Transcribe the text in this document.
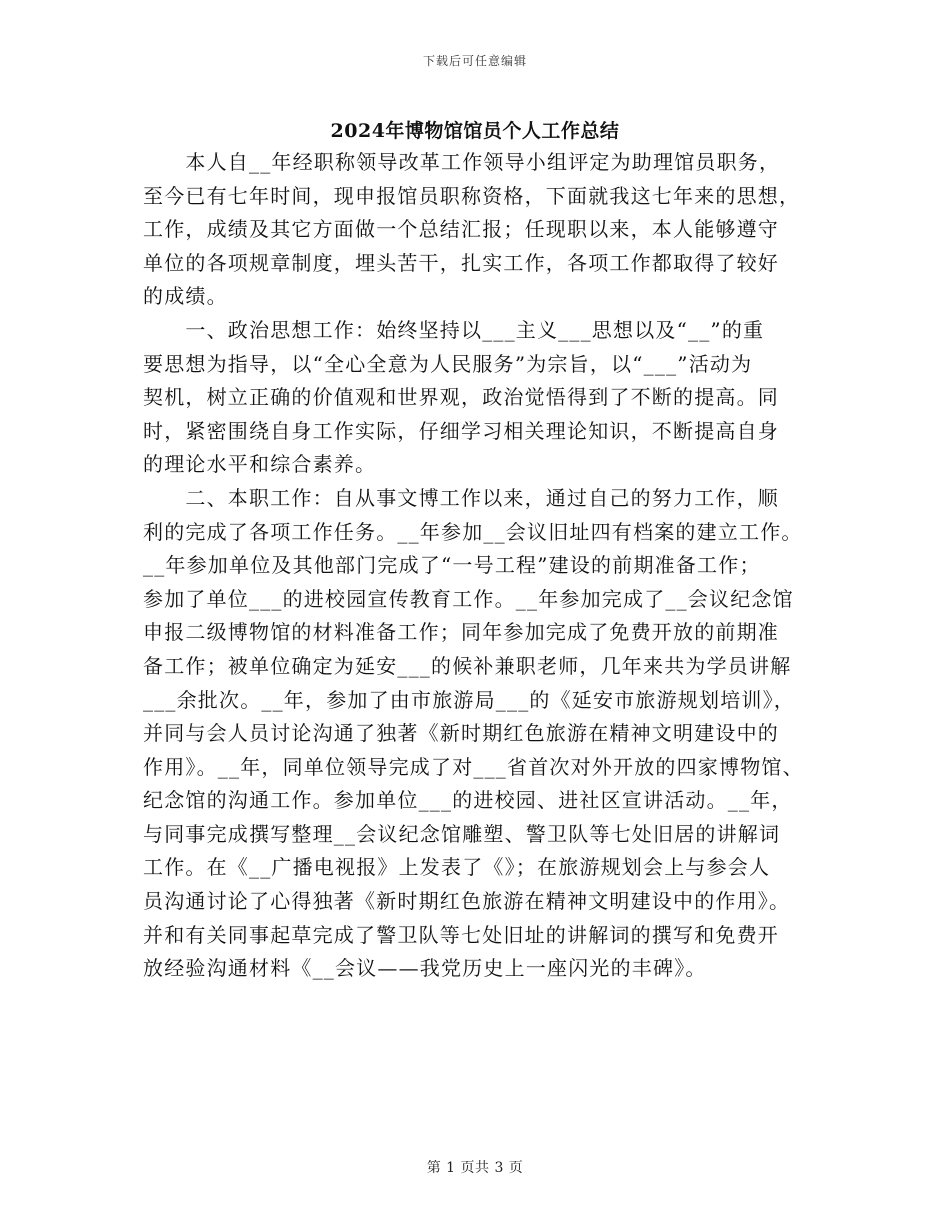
下载后可任意编辑
2024年博物馆馆员个人工作总结

　　本人自__年经职称领导改革工作领导小组评定为助理馆员职务，
至今已有七年时间，现申报馆员职称资格，下面就我这七年来的思想，
工作，成绩及其它方面做一个总结汇报；任现职以来，本人能够遵守
单位的各项规章制度，埋头苦干，扎实工作，各项工作都取得了较好
的成绩。

　　一、政治思想工作：始终坚持以___主义___思想以及“__”的重
要思想为指导，以“全心全意为人民服务”为宗旨，以“___”活动为
契机，树立正确的价值观和世界观，政治觉悟得到了不断的提高。同
时，紧密围绕自身工作实际，仔细学习相关理论知识，不断提高自身
的理论水平和综合素养。

　　二、本职工作：自从事文博工作以来，通过自己的努力工作，顺
利的完成了各项工作任务。__年参加__会议旧址四有档案的建立工作。
__年参加单位及其他部门完成了“一号工程”建设的前期准备工作；
参加了单位___的进校园宣传教育工作。__年参加完成了__会议纪念馆
申报二级博物馆的材料准备工作；同年参加完成了免费开放的前期准
备工作；被单位确定为延安___的候补兼职老师，几年来共为学员讲解
___余批次。__年，参加了由市旅游局___的《延安市旅游规划培训》，
并同与会人员讨论沟通了独著《新时期红色旅游在精神文明建设中的
作用》。__年，同单位领导完成了对___省首次对外开放的四家博物馆、
纪念馆的沟通工作。参加单位___的进校园、进社区宣讲活动。__年，
与同事完成撰写整理__会议纪念馆雕塑、警卫队等七处旧居的讲解词
工作。在《__广播电视报》上发表了《》；在旅游规划会上与参会人
员沟通讨论了心得独著《新时期红色旅游在精神文明建设中的作用》。
并和有关同事起草完成了警卫队等七处旧址的讲解词的撰写和免费开
放经验沟通材料《__会议——我党历史上一座闪光的丰碑》。

第 1 页共 3 页
